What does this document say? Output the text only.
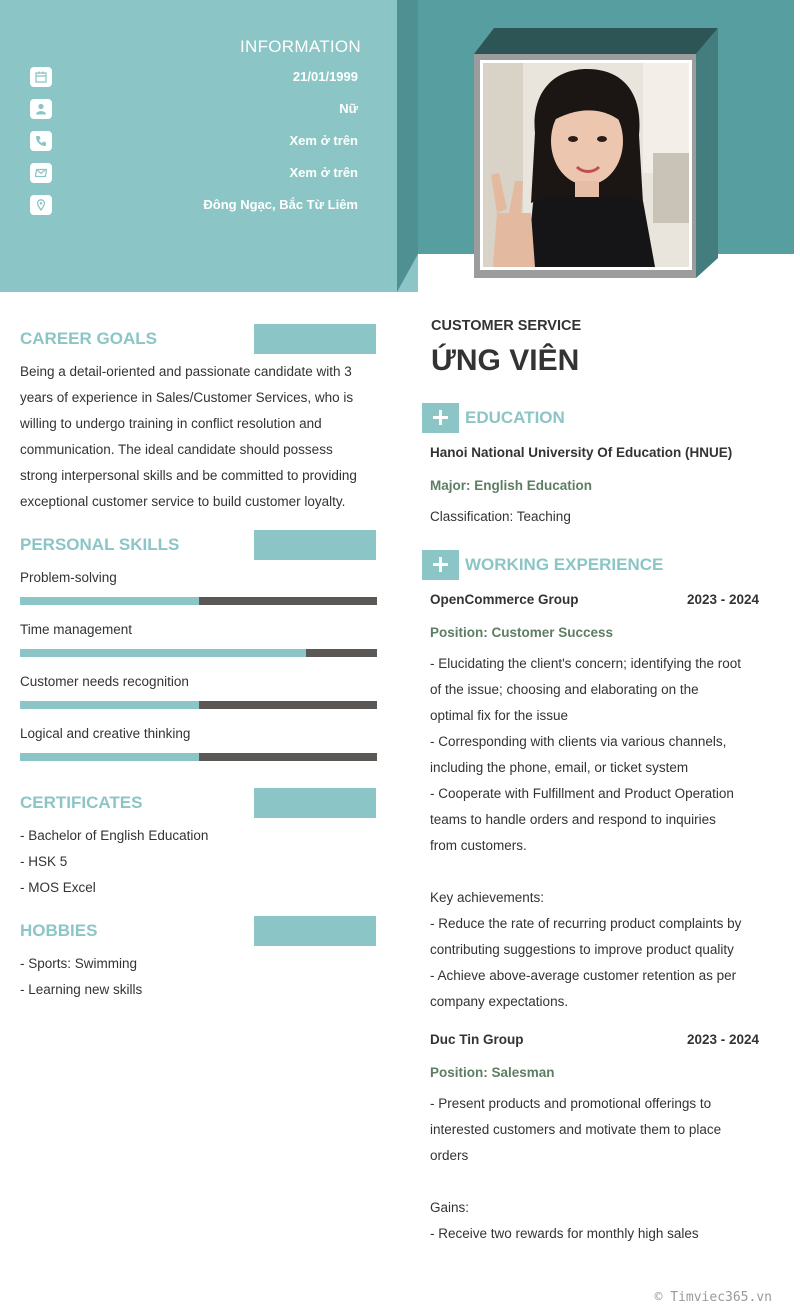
INFORMATION
21/01/1999
Nữ
Xem ở trên
Xem ở trên
Đông Ngạc, Bắc Từ Liêm
CAREER GOALS
Being a detail-oriented and passionate candidate with 3
years of experience in Sales/Customer Services, who is
willing to undergo training in conflict resolution and
communication. The ideal candidate should possess
strong interpersonal skills and be committed to providing
exceptional customer service to build customer loyalty.
PERSONAL SKILLS
Problem-solving
Time management
Customer needs recognition
Logical and creative thinking
CERTIFICATES
- Bachelor of English Education
- HSK 5
- MOS Excel
HOBBIES
- Sports: Swimming
- Learning new skills
CUSTOMER SERVICE
ỨNG VIÊN
EDUCATION
Hanoi National University Of Education (HNUE)
Major: English Education
Classification: Teaching
WORKING EXPERIENCE
OpenCommerce Group	2023 - 2024
Position: Customer Success
- Elucidating the client's concern; identifying the root
of the issue; choosing and elaborating on the
optimal fix for the issue
- Corresponding with clients via various channels,
including the phone, email, or ticket system
- Cooperate with Fulfillment and Product Operation
teams to handle orders and respond to inquiries
from customers.
Key achievements:
- Reduce the rate of recurring product complaints by
contributing suggestions to improve product quality
- Achieve above-average customer retention as per
company expectations.
Duc Tin Group	2023 - 2024
Position: Salesman
- Present products and promotional offerings to
interested customers and motivate them to place
orders
Gains:
- Receive two rewards for monthly high sales
© Timviec365.vn
